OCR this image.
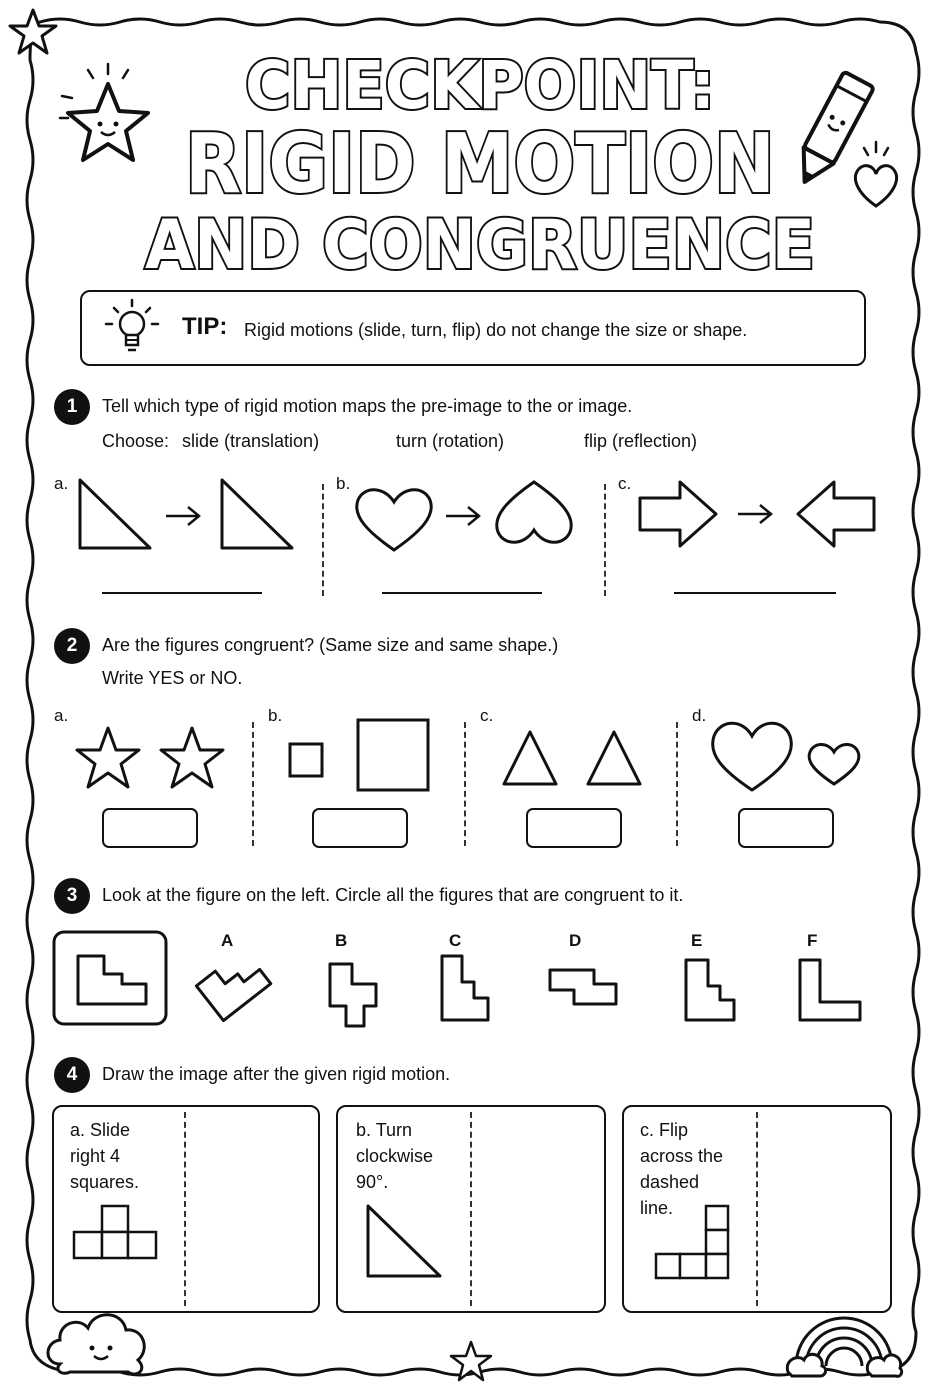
CHECKPOINT:
RIGID MOTION
AND CONGRUENCE
TIP: Rigid motions (slide, turn, flip) do not change the size or shape.
1	Tell which type of rigid motion maps the pre-image to the or image.
Choose: slide (translation)	turn (rotation)	flip (reflection)
a.	b.	c.
2	Are the figures congruent? (Same size and same shape.)
Write YES or NO.
a.	b.	c.	d.
3	Look at the figure on the left. Circle all the figures that are congruent to it.
A	B	C	D	E	F
4	Draw the image after the given rigid motion.
a. Slide
right 4
squares.
b. Turn
clockwise
90°.
c. Flip
across the
dashed
line.
